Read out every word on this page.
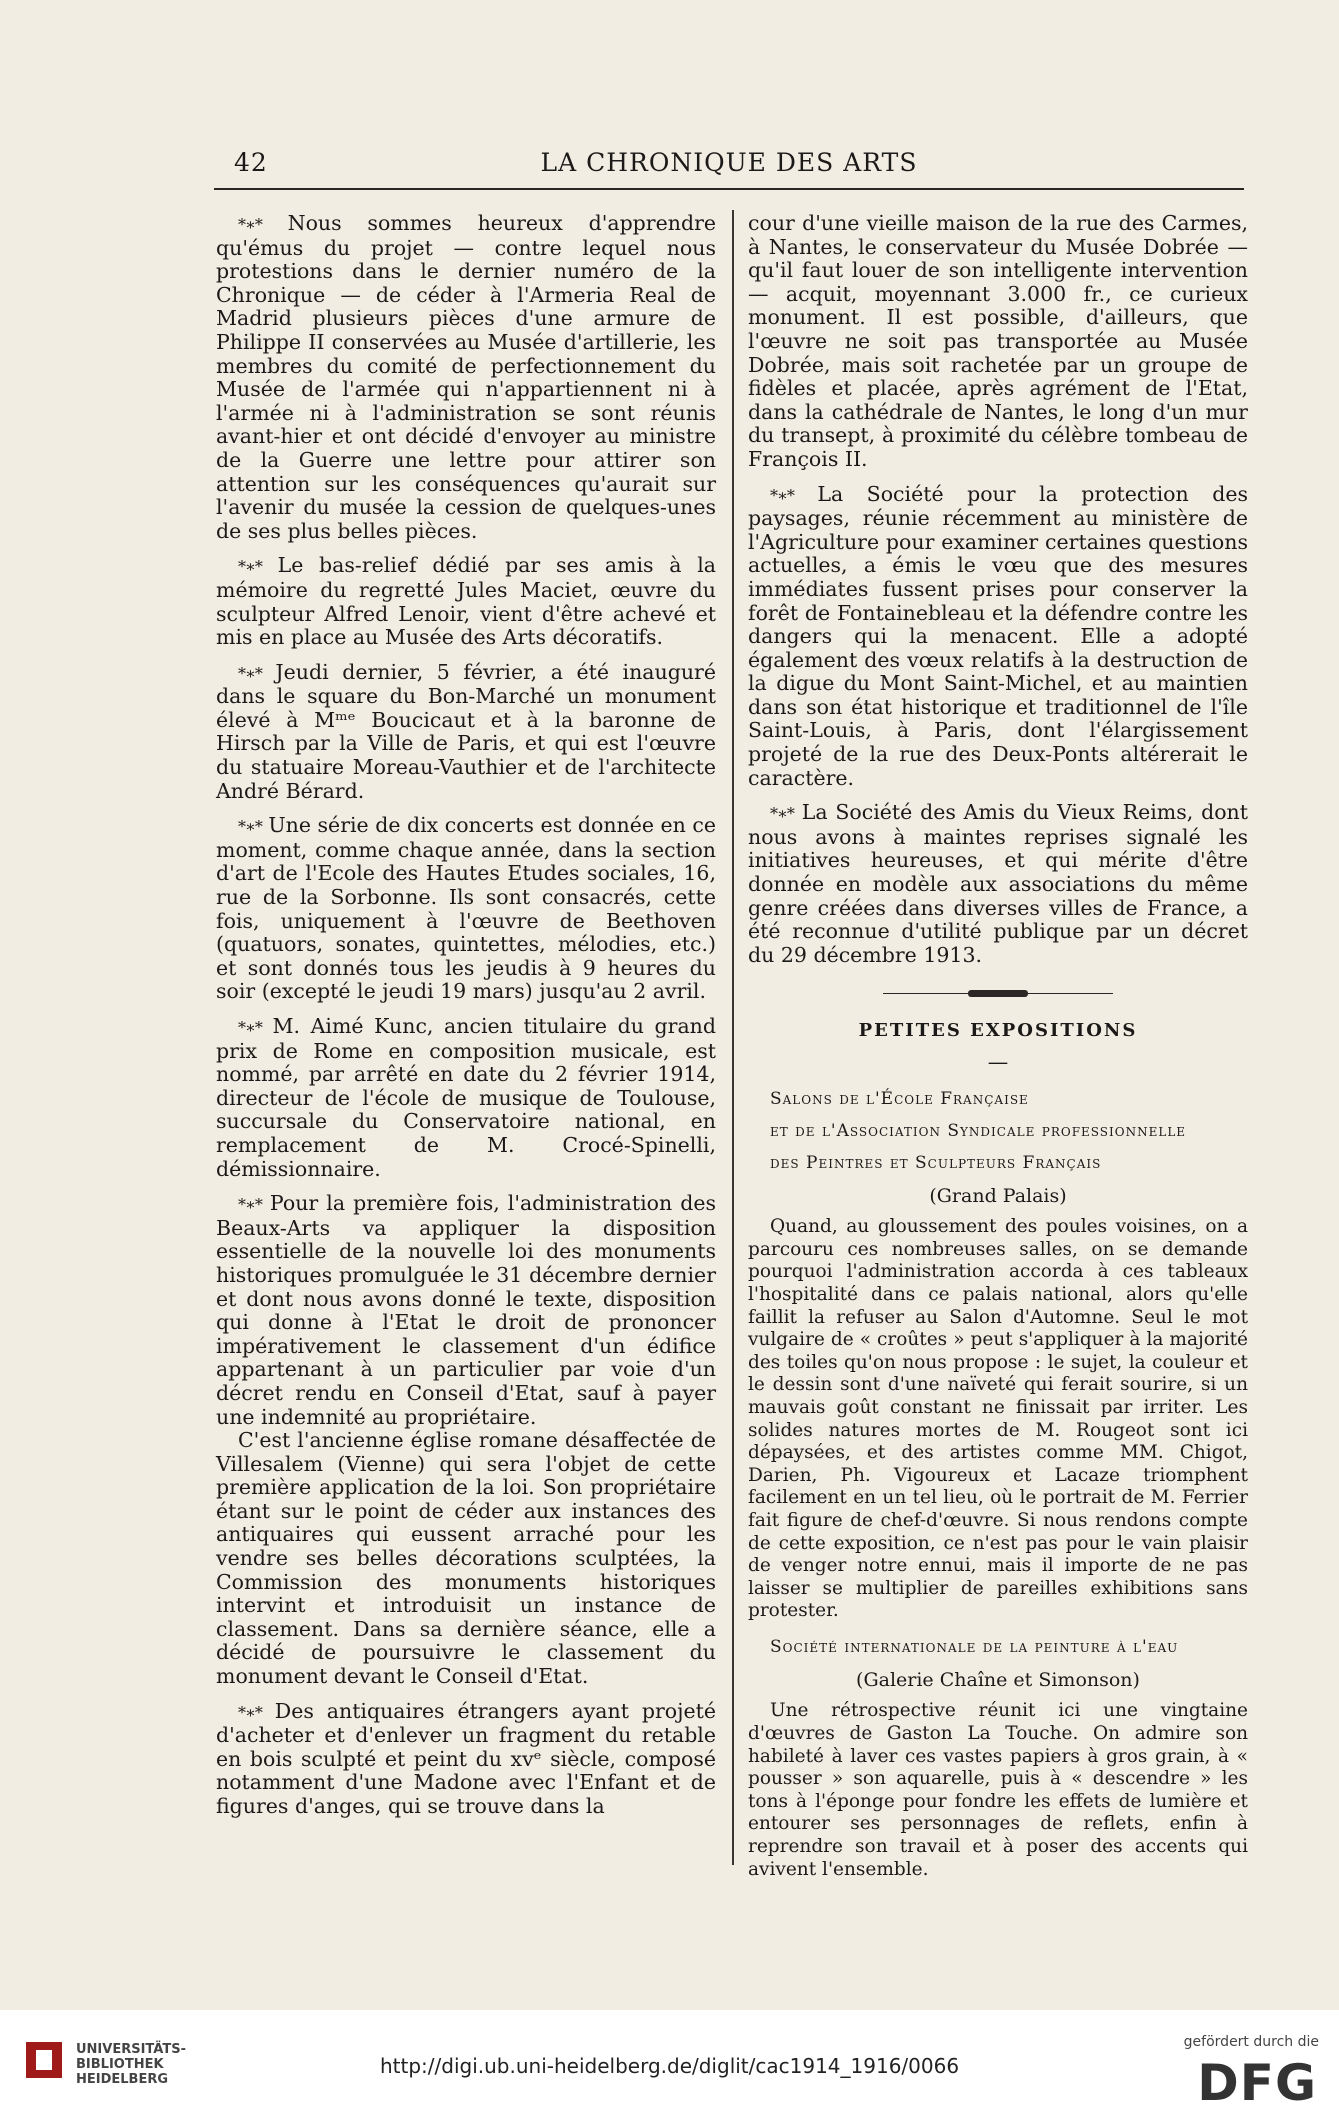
42	LA CHRONIQUE DES ARTS

*∗* Nous sommes heureux d'apprendre qu'émus du projet — contre lequel nous protestions dans le dernier numéro de la Chronique — de céder à l'Armeria Real de Madrid plusieurs pièces d'une armure de Philippe II conservées au Musée d'artillerie, les membres du comité de perfectionnement du Musée de l'armée qui n'appartiennent ni à l'armée ni à l'administration se sont réunis avant-hier et ont décidé d'envoyer au ministre de la Guerre une lettre pour attirer son attention sur les conséquences qu'aurait sur l'avenir du musée la cession de quelques-unes de ses plus belles pièces.

*∗* Le bas-relief dédié par ses amis à la mémoire du regretté Jules Maciet, œuvre du sculpteur Alfred Lenoir, vient d'être achevé et mis en place au Musée des Arts décoratifs.

*∗* Jeudi dernier, 5 février, a été inauguré dans le square du Bon-Marché un monument élevé à Mᵐᵉ Boucicaut et à la baronne de Hirsch par la Ville de Paris, et qui est l'œuvre du statuaire Moreau-Vauthier et de l'architecte André Bérard.

*∗* Une série de dix concerts est donnée en ce moment, comme chaque année, dans la section d'art de l'Ecole des Hautes Etudes sociales, 16, rue de la Sorbonne. Ils sont consacrés, cette fois, uniquement à l'œuvre de Beethoven (quatuors, sonates, quintettes, mélodies, etc.) et sont donnés tous les jeudis à 9 heures du soir (excepté le jeudi 19 mars) jusqu'au 2 avril.

*∗* M. Aimé Kunc, ancien titulaire du grand prix de Rome en composition musicale, est nommé, par arrêté en date du 2 février 1914, directeur de l'école de musique de Toulouse, succursale du Conservatoire national, en remplacement de M. Crocé-Spinelli, démissionnaire.

*∗* Pour la première fois, l'administration des Beaux-Arts va appliquer la disposition essentielle de la nouvelle loi des monuments historiques promulguée le 31 décembre dernier et dont nous avons donné le texte, disposition qui donne à l'Etat le droit de prononcer impérativement le classement d'un édifice appartenant à un particulier par voie d'un décret rendu en Conseil d'Etat, sauf à payer une indemnité au propriétaire.

C'est l'ancienne église romane désaffectée de Villesalem (Vienne) qui sera l'objet de cette première application de la loi. Son propriétaire étant sur le point de céder aux instances des antiquaires qui eussent arraché pour les vendre ses belles décorations sculptées, la Commission des monuments historiques intervint et introduisit un instance de classement. Dans sa dernière séance, elle a décidé de poursuivre le classement du monument devant le Conseil d'Etat.

*∗* Des antiquaires étrangers ayant projeté d'acheter et d'enlever un fragment du retable en bois sculpté et peint du xvᵉ siècle, composé notamment d'une Madone avec l'Enfant et de figures d'anges, qui se trouve dans la

cour d'une vieille maison de la rue des Carmes, à Nantes, le conservateur du Musée Dobrée — qu'il faut louer de son intelligente intervention — acquit, moyennant 3.000 fr., ce curieux monument. Il est possible, d'ailleurs, que l'œuvre ne soit pas transportée au Musée Dobrée, mais soit rachetée par un groupe de fidèles et placée, après agrément de l'Etat, dans la cathédrale de Nantes, le long d'un mur du transept, à proximité du célèbre tombeau de François II.

*∗* La Société pour la protection des paysages, réunie récemment au ministère de l'Agriculture pour examiner certaines questions actuelles, a émis le vœu que des mesures immédiates fussent prises pour conserver la forêt de Fontainebleau et la défendre contre les dangers qui la menacent. Elle a adopté également des vœux relatifs à la destruction de la digue du Mont Saint-Michel, et au maintien dans son état historique et traditionnel de l'île Saint-Louis, à Paris, dont l'élargissement projeté de la rue des Deux-Ponts altérerait le caractère.

*∗* La Société des Amis du Vieux Reims, dont nous avons à maintes reprises signalé les initiatives heureuses, et qui mérite d'être donnée en modèle aux associations du même genre créées dans diverses villes de France, a été reconnue d'utilité publique par un décret du 29 décembre 1913.

PETITES EXPOSITIONS
—

Salons de l'École Française

et de l'Association Syndicale professionnelle

des Peintres et Sculpteurs Français

(Grand Palais)

Quand, au gloussement des poules voisines, on a parcouru ces nombreuses salles, on se demande pourquoi l'administration accorda à ces tableaux l'hospitalité dans ce palais national, alors qu'elle faillit la refuser au Salon d'Automne. Seul le mot vulgaire de « croûtes » peut s'appliquer à la majorité des toiles qu'on nous propose : le sujet, la couleur et le dessin sont d'une naïveté qui ferait sourire, si un mauvais goût constant ne finissait par irriter. Les solides natures mortes de M. Rougeot sont ici dépaysées, et des artistes comme MM. Chigot, Darien, Ph. Vigoureux et Lacaze triomphent facilement en un tel lieu, où le portrait de M. Ferrier fait figure de chef-d'œuvre. Si nous rendons compte de cette exposition, ce n'est pas pour le vain plaisir de venger notre ennui, mais il importe de ne pas laisser se multiplier de pareilles exhibitions sans protester.

Société internationale de la peinture à l'eau

(Galerie Chaîne et Simonson)

Une rétrospective réunit ici une vingtaine d'œuvres de Gaston La Touche. On admire son habileté à laver ces vastes papiers à gros grain, à « pousser » son aquarelle, puis à « descendre » les tons à l'éponge pour fondre les effets de lumière et entourer ses personnages de reflets, enfin à reprendre son travail et à poser des accents qui avivent l'ensemble.

UNIVERSITÄTS-
BIBLIOTHEK
HEIDELBERG
http://digi.ub.uni-heidelberg.de/diglit/cac1914_1916/0066
gefördert durch die
DFG
